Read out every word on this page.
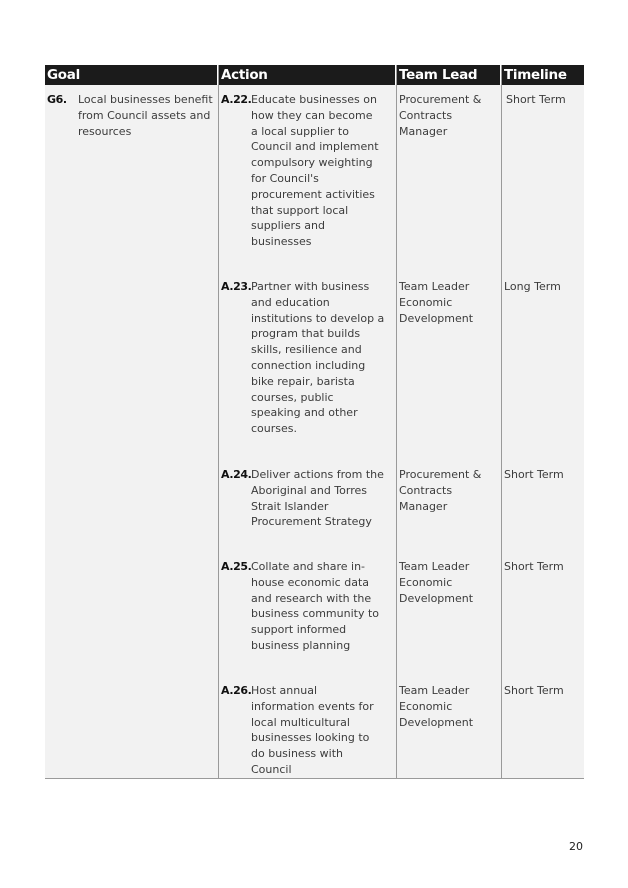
Goal	Action	Team Lead Timeline
G6. Local businesses benefit
from Council assets and
resources
A.22. Educate businesses on
how they can become
a local supplier to
Council and implement
compulsory weighting
for Council's
procurement activities
that support local
suppliers and
businesses
Procurement &
Contracts
Manager
Short Term
A.23. Partner with business
and education
institutions to develop a
program that builds
skills, resilience and
connection including
bike repair, barista
courses, public
speaking and other
courses.
Team Leader
Economic
Development
Long Term
A.24. Deliver actions from the
Aboriginal and Torres
Strait Islander
Procurement Strategy
Procurement &
Contracts
Manager
Short Term
A.25. Collate and share in-
house economic data
and research with the
business community to
support informed
business planning
Team Leader
Economic
Development
Short Term
A.26. Host annual
information events for
local multicultural
businesses looking to
do business with
Council
Team Leader
Economic
Development
Short Term
20
